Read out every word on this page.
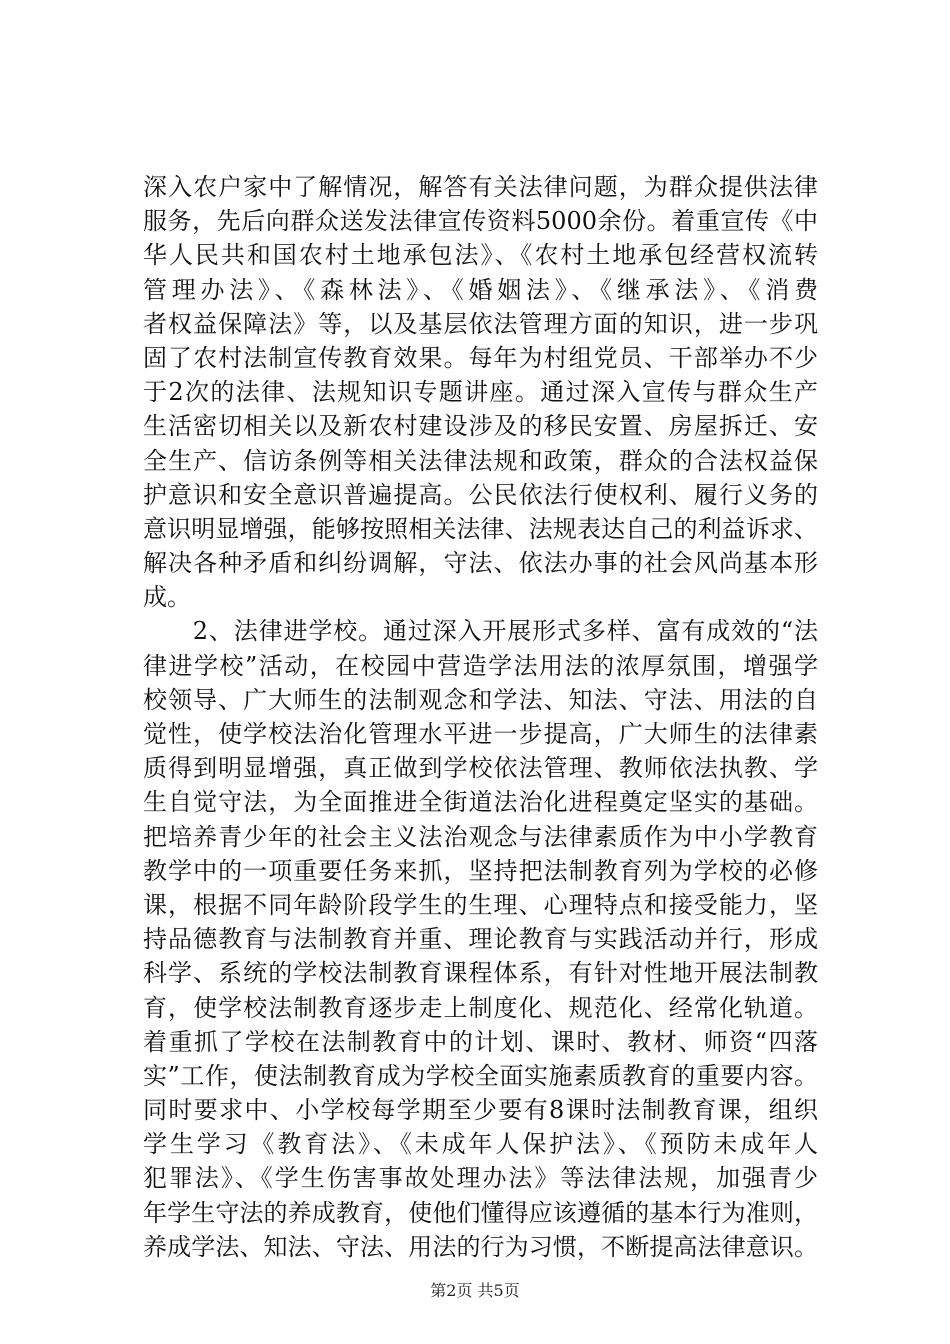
深入农户家中了解情况，解答有关法律问题，为群众提供法律
服务，先后向群众送发法律宣传资料5000余份。着重宣传《中
华人民共和国农村土地承包法》、《农村土地承包经营权流转
管理办法》、《森林法》、《婚姻法》、《继承法》、《消费
者权益保障法》等，以及基层依法管理方面的知识，进一步巩
固了农村法制宣传教育效果。每年为村组党员、干部举办不少
于2次的法律、法规知识专题讲座。通过深入宣传与群众生产
生活密切相关以及新农村建设涉及的移民安置、房屋拆迁、安
全生产、信访条例等相关法律法规和政策，群众的合法权益保
护意识和安全意识普遍提高。公民依法行使权利、履行义务的
意识明显增强，能够按照相关法律、法规表达自己的利益诉求、
解决各种矛盾和纠纷调解，守法、依法办事的社会风尚基本形
成。
　　2、法律进学校。通过深入开展形式多样、富有成效的“法
律进学校”活动，在校园中营造学法用法的浓厚氛围，增强学
校领导、广大师生的法制观念和学法、知法、守法、用法的自
觉性，使学校法治化管理水平进一步提高，广大师生的法律素
质得到明显增强，真正做到学校依法管理、教师依法执教、学
生自觉守法，为全面推进全街道法治化进程奠定坚实的基础。
把培养青少年的社会主义法治观念与法律素质作为中小学教育
教学中的一项重要任务来抓，坚持把法制教育列为学校的必修
课，根据不同年龄阶段学生的生理、心理特点和接受能力，坚
持品德教育与法制教育并重、理论教育与实践活动并行，形成
科学、系统的学校法制教育课程体系，有针对性地开展法制教
育，使学校法制教育逐步走上制度化、规范化、经常化轨道。
着重抓了学校在法制教育中的计划、课时、教材、师资“四落
实”工作，使法制教育成为学校全面实施素质教育的重要内容。
同时要求中、小学校每学期至少要有8课时法制教育课，组织
学生学习《教育法》、《未成年人保护法》、《预防未成年人
犯罪法》、《学生伤害事故处理办法》等法律法规，加强青少
年学生守法的养成教育，使他们懂得应该遵循的基本行为准则，
养成学法、知法、守法、用法的行为习惯，不断提高法律意识。
第2页 共5页
